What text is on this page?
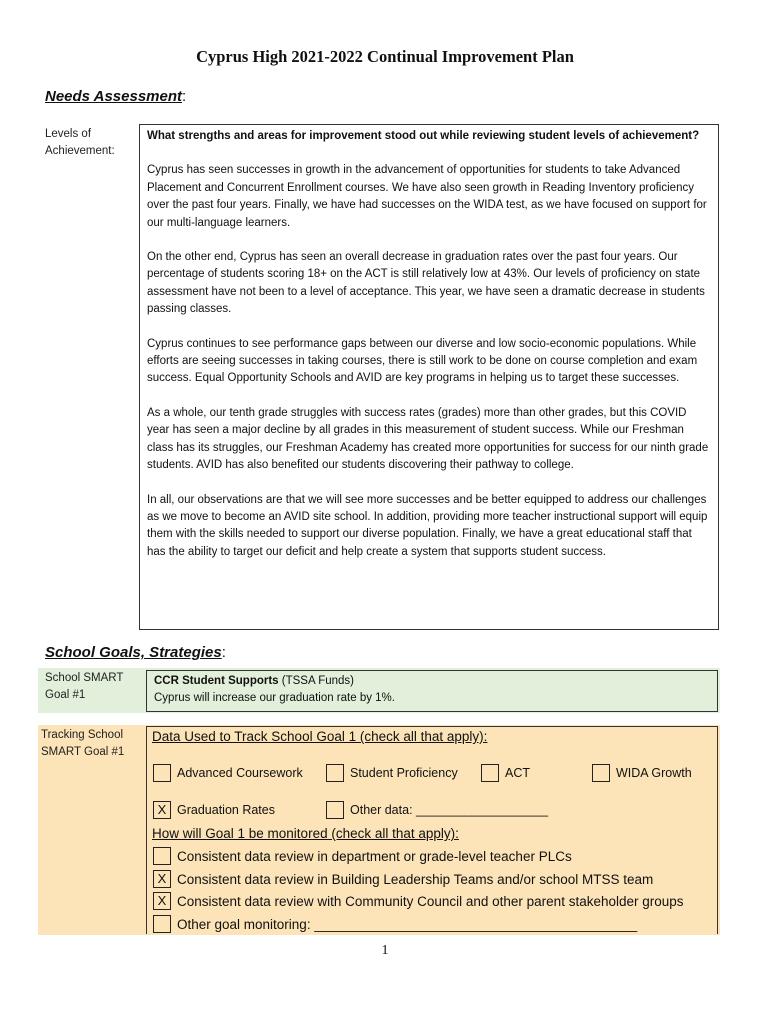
Cyprus High 2021-2022 Continual Improvement Plan
Needs Assessment:
Levels of
Achievement:
What strengths and areas for improvement stood out while reviewing student levels of achievement?

Cyprus has seen successes in growth in the advancement of opportunities for students to take Advanced Placement and Concurrent Enrollment courses. We have also seen growth in Reading Inventory proficiency over the past four years. Finally, we have had successes on the WIDA test, as we have focused on support for our multi-language learners.

On the other end, Cyprus has seen an overall decrease in graduation rates over the past four years. Our percentage of students scoring 18+ on the ACT is still relatively low at 43%. Our levels of proficiency on state assessment have not been to a level of acceptance. This year, we have seen a dramatic decrease in students passing classes.

Cyprus continues to see performance gaps between our diverse and low socio-economic populations. While efforts are seeing successes in taking courses, there is still work to be done on course completion and exam success. Equal Opportunity Schools and AVID are key programs in helping us to target these successes.

As a whole, our tenth grade struggles with success rates (grades) more than other grades, but this COVID year has seen a major decline by all grades in this measurement of student success. While our Freshman class has its struggles, our Freshman Academy has created more opportunities for success for our ninth grade students. AVID has also benefited our students discovering their pathway to college.

In all, our observations are that we will see more successes and be better equipped to address our challenges as we move to become an AVID site school. In addition, providing more teacher instructional support will equip them with the skills needed to support our diverse population. Finally, we have a great educational staff that has the ability to target our deficit and help create a system that supports student success.

School Goals, Strategies:
School SMART
Goal #1
CCR Student Supports (TSSA Funds)
Cyprus will increase our graduation rate by 1%.
Tracking School
SMART Goal #1
Data Used to Track School Goal 1 (check all that apply):
Advanced Coursework	Student Proficiency	ACT	WIDA Growth
X Graduation Rates	Other data: ___________________
How will Goal 1 be monitored (check all that apply):
Consistent data review in department or grade-level teacher PLCs
X Consistent data review in Building Leadership Teams and/or school MTSS team
X Consistent data review with Community Council and other parent stakeholder groups
Other goal monitoring: ___________________________________________
1
